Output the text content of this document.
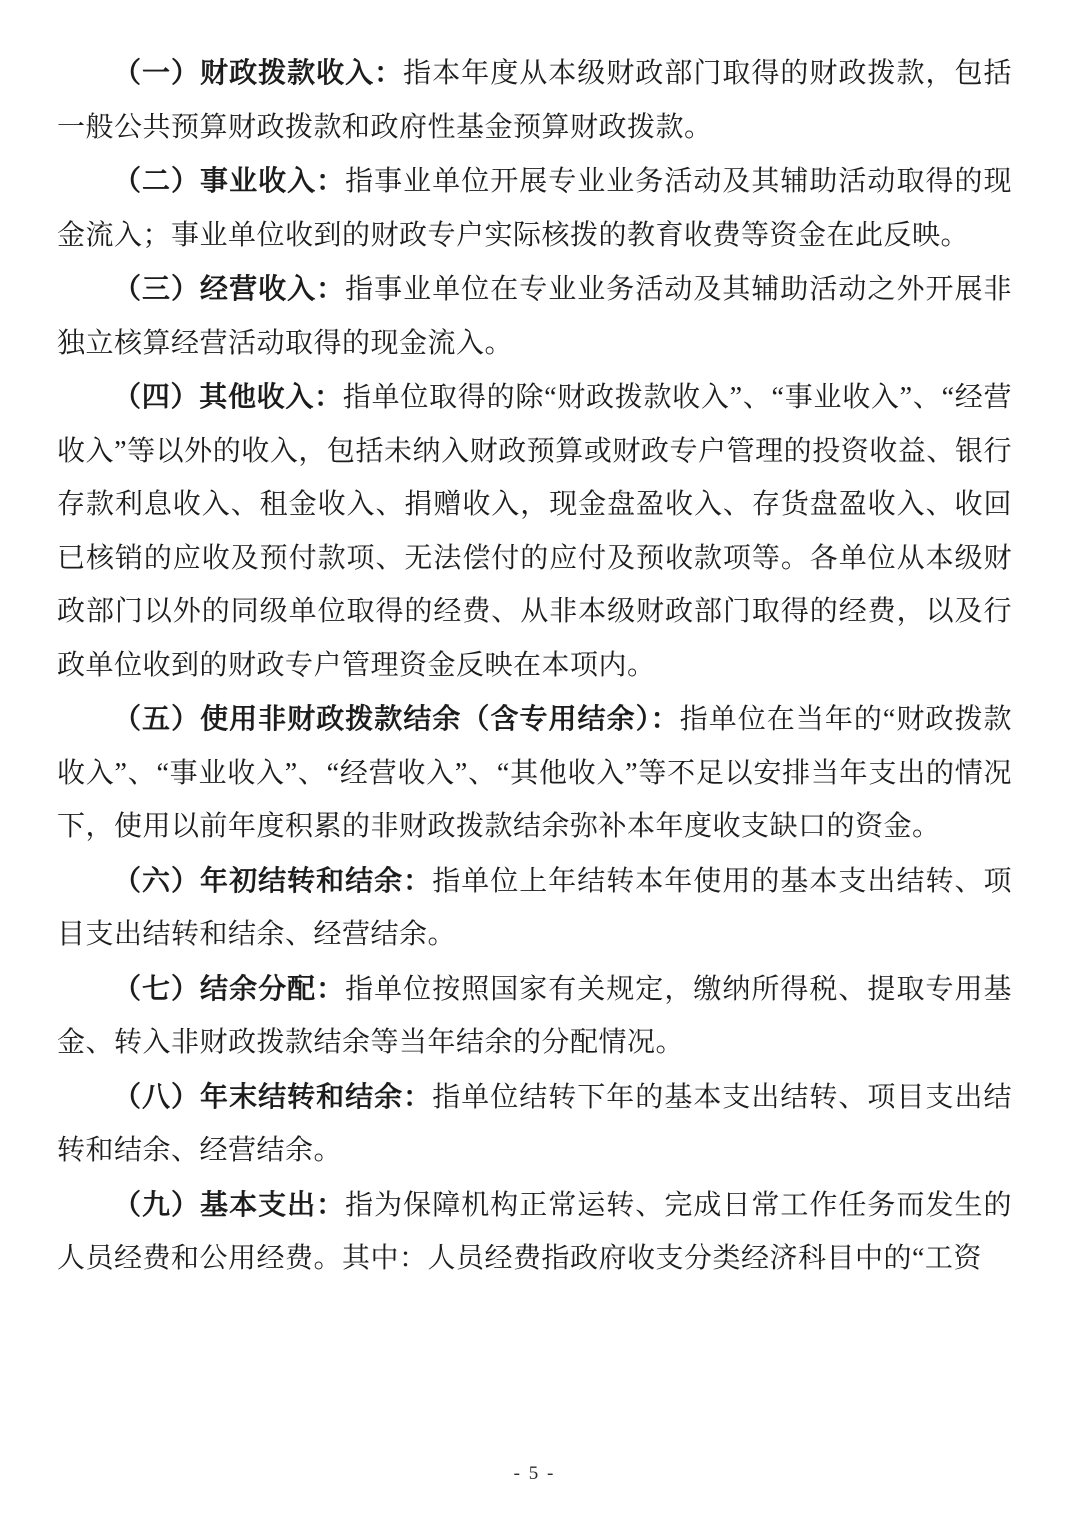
（一）财政拨款收入：指本年度从本级财政部门取得的财政拨款，包括一般公共预算财政拨款和政府性基金预算财政拨款。

（二）事业收入：指事业单位开展专业业务活动及其辅助活动取得的现金流入；事业单位收到的财政专户实际核拨的教育收费等资金在此反映。

（三）经营收入：指事业单位在专业业务活动及其辅助活动之外开展非独立核算经营活动取得的现金流入。

（四）其他收入：指单位取得的除“财政拨款收入”、“事业收入”、“经营收入”等以外的收入，包括未纳入财政预算或财政专户管理的投资收益、银行存款利息收入、租金收入、捐赠收入，现金盘盈收入、存货盘盈收入、收回已核销的应收及预付款项、无法偿付的应付及预收款项等。各单位从本级财政部门以外的同级单位取得的经费、从非本级财政部门取得的经费，以及行政单位收到的财政专户管理资金反映在本项内。

（五）使用非财政拨款结余（含专用结余）：指单位在当年的“财政拨款收入”、“事业收入”、“经营收入”、“其他收入”等不足以安排当年支出的情况下，使用以前年度积累的非财政拨款结余弥补本年度收支缺口的资金。

（六）年初结转和结余：指单位上年结转本年使用的基本支出结转、项目支出结转和结余、经营结余。

（七）结余分配：指单位按照国家有关规定，缴纳所得税、提取专用基金、转入非财政拨款结余等当年结余的分配情况。

（八）年末结转和结余：指单位结转下年的基本支出结转、项目支出结转和结余、经营结余。

（九）基本支出：指为保障机构正常运转、完成日常工作任务而发生的人员经费和公用经费。其中：人员经费指政府收支分类经济科目中的“工资

- 5 -
